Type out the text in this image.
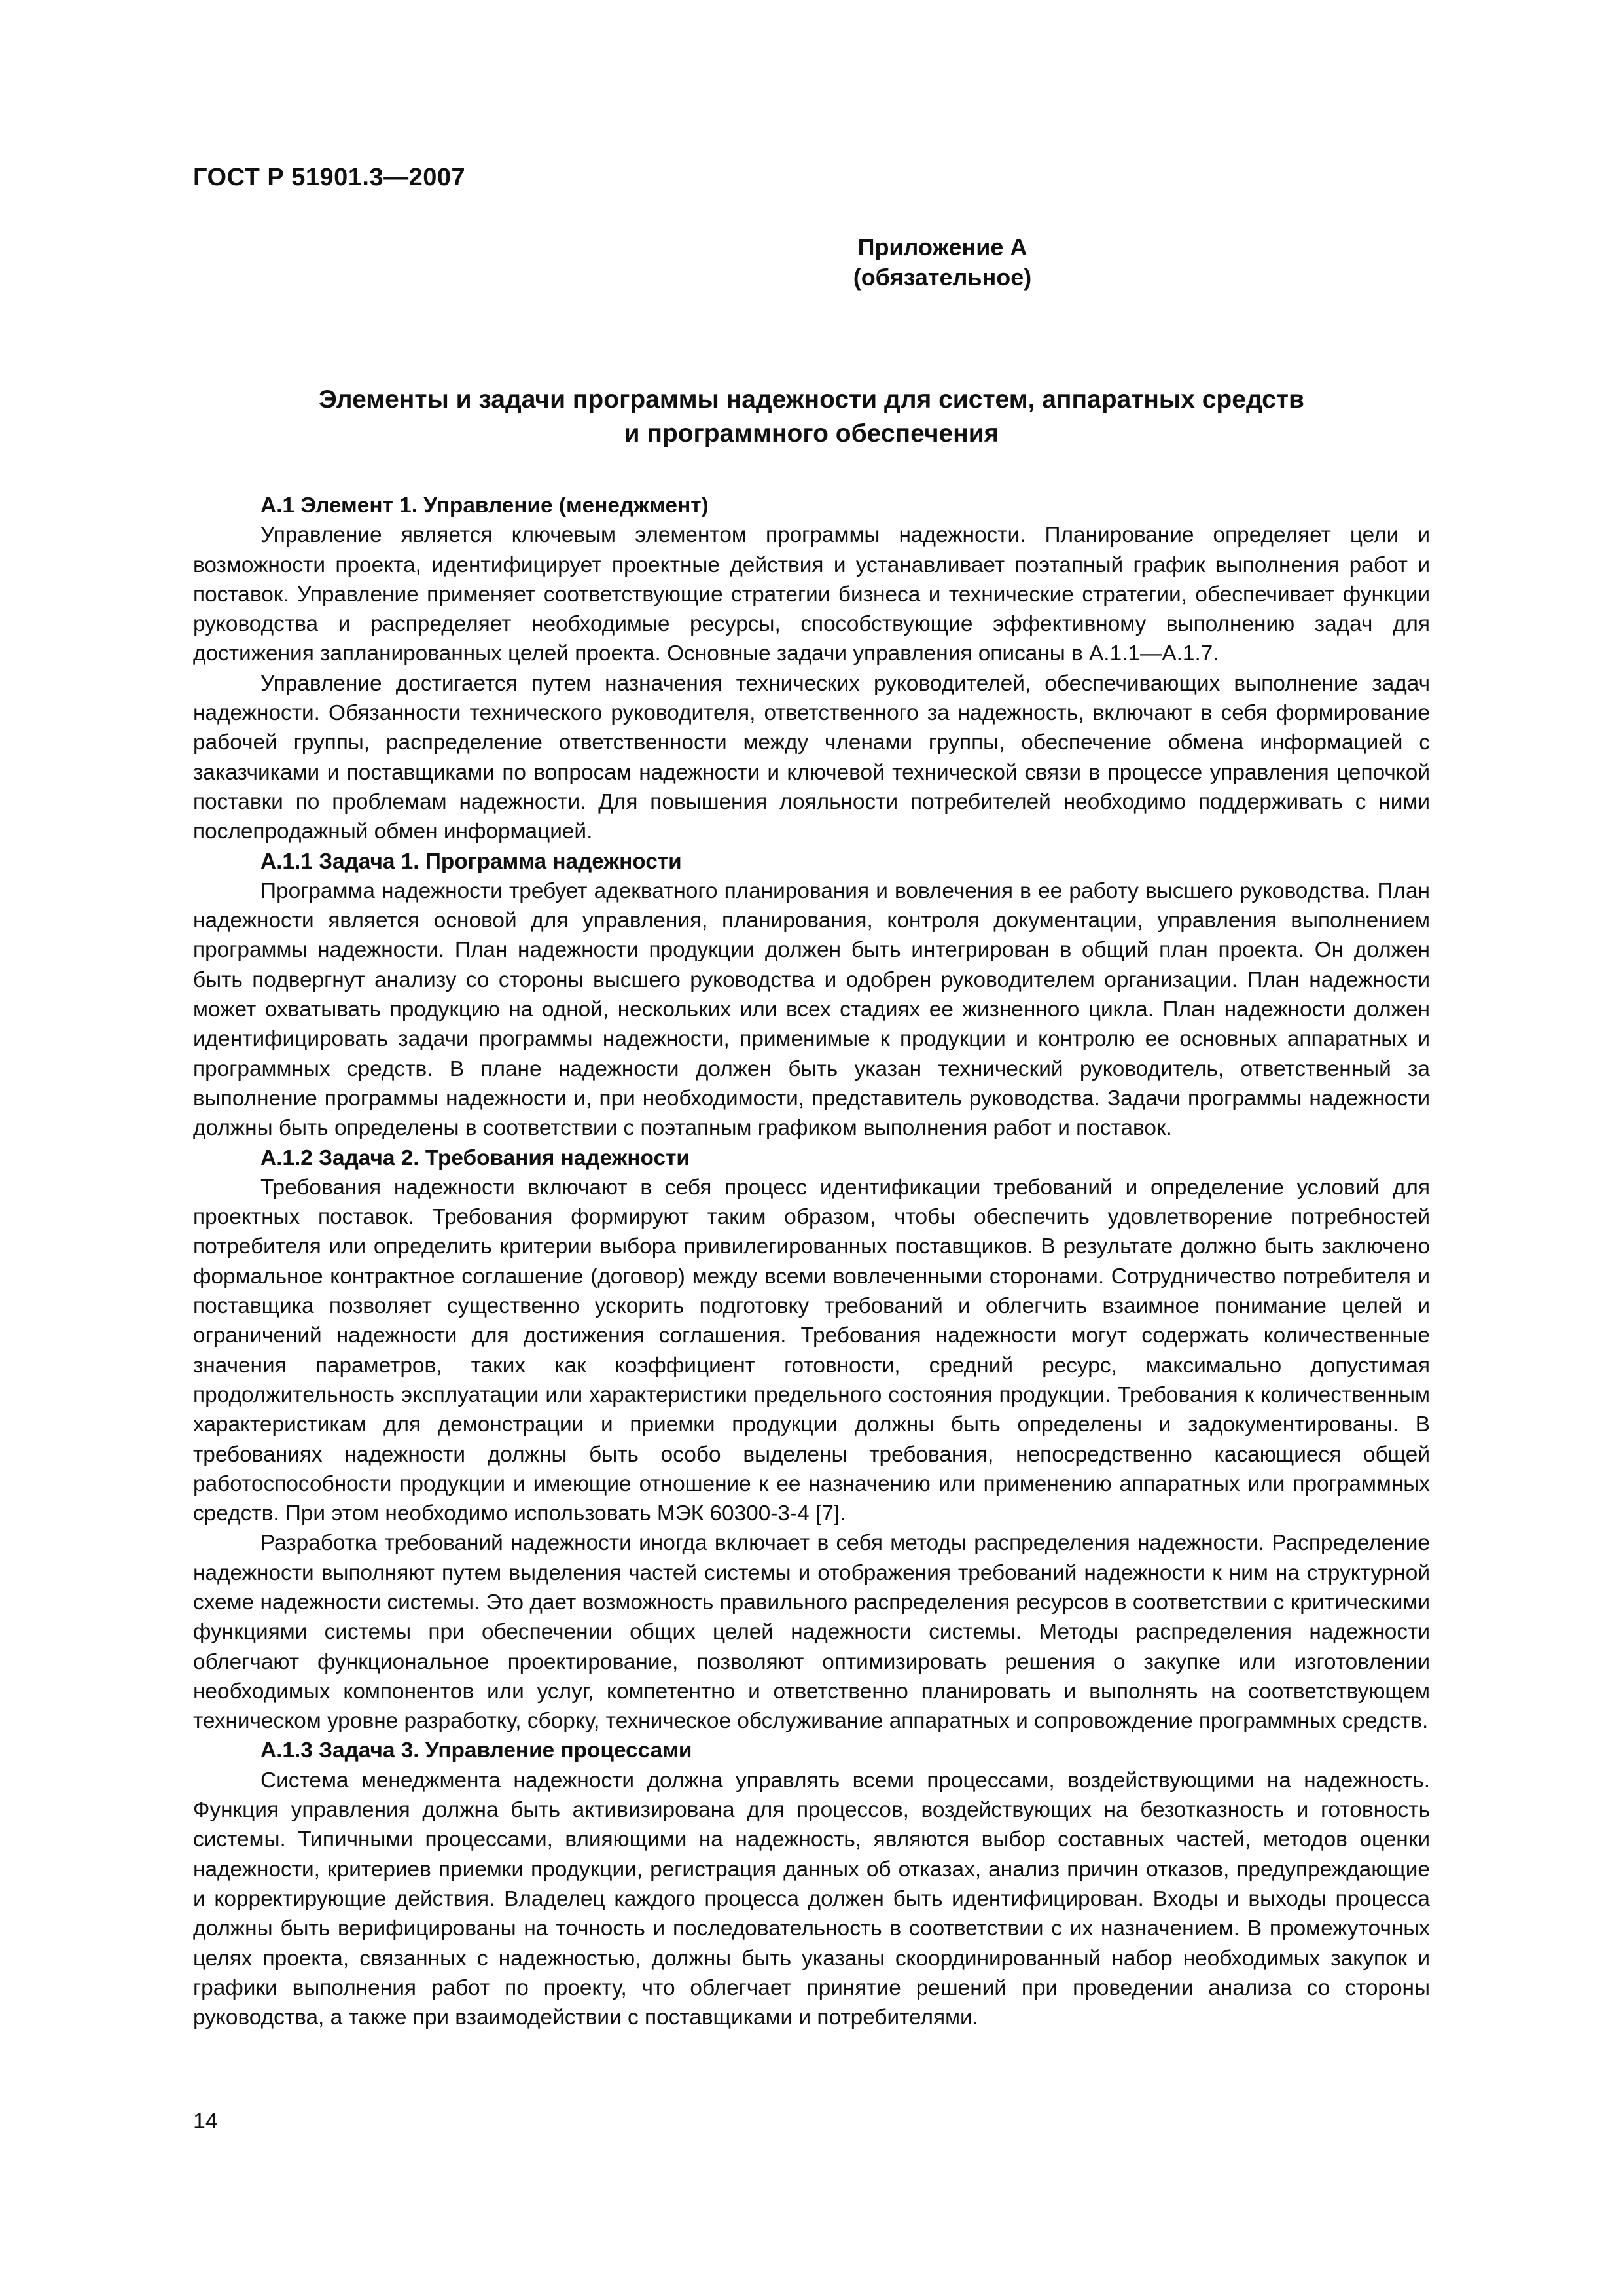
ГОСТ Р 51901.3—2007
Приложение А
(обязательное)
Элементы и задачи программы надежности для систем, аппаратных средств
и программного обеспечения
А.1 Элемент 1. Управление (менеджмент)

Управление является ключевым элементом программы надежности. Планирование определяет цели и возможности проекта, идентифицирует проектные действия и устанавливает поэтапный график выполнения работ и поставок. Управление применяет соответствующие стратегии бизнеса и технические стратегии, обеспечивает функции руководства и распределяет необходимые ресурсы, способствующие эффективному выполнению задач для достижения запланированных целей проекта. Основные задачи управления описаны в А.1.1—А.1.7.

Управление достигается путем назначения технических руководителей, обеспечивающих выполнение задач надежности. Обязанности технического руководителя, ответственного за надежность, включают в себя формирование рабочей группы, распределение ответственности между членами группы, обеспечение обмена информацией с заказчиками и поставщиками по вопросам надежности и ключевой технической связи в процессе управления цепочкой поставки по проблемам надежности. Для повышения лояльности потребителей необходимо поддерживать с ними послепродажный обмен информацией.

А.1.1 Задача 1. Программа надежности

Программа надежности требует адекватного планирования и вовлечения в ее работу высшего руководства. План надежности является основой для управления, планирования, контроля документации, управления выполнением программы надежности. План надежности продукции должен быть интегрирован в общий план проекта. Он должен быть подвергнут анализу со стороны высшего руководства и одобрен руководителем организации. План надежности может охватывать продукцию на одной, нескольких или всех стадиях ее жизненного цикла. План надежности должен идентифицировать задачи программы надежности, применимые к продукции и контролю ее основных аппаратных и программных средств. В плане надежности должен быть указан технический руководитель, ответственный за выполнение программы надежности и, при необходимости, представитель руководства. Задачи программы надежности должны быть определены в соответствии с поэтапным графиком выполнения работ и поставок.

А.1.2 Задача 2. Требования надежности

Требования надежности включают в себя процесс идентификации требований и определение условий для проектных поставок. Требования формируют таким образом, чтобы обеспечить удовлетворение потребностей потребителя или определить критерии выбора привилегированных поставщиков. В результате должно быть заключено формальное контрактное соглашение (договор) между всеми вовлеченными сторонами. Сотрудничество потребителя и поставщика позволяет существенно ускорить подготовку требований и облегчить взаимное понимание целей и ограничений надежности для достижения соглашения. Требования надежности могут содержать количественные значения параметров, таких как коэффициент готовности, средний ресурс, максимально допустимая продолжительность эксплуатации или характеристики предельного состояния продукции. Требования к количественным характеристикам для демонстрации и приемки продукции должны быть определены и задокументированы. В требованиях надежности должны быть особо выделены требования, непосредственно касающиеся общей работоспособности продукции и имеющие отношение к ее назначению или применению аппаратных или программных средств. При этом необходимо использовать МЭК 60300-3-4 [7].

Разработка требований надежности иногда включает в себя методы распределения надежности. Распределение надежности выполняют путем выделения частей системы и отображения требований надежности к ним на структурной схеме надежности системы. Это дает возможность правильного распределения ресурсов в соответствии с критическими функциями системы при обеспечении общих целей надежности системы. Методы распределения надежности облегчают функциональное проектирование, позволяют оптимизировать решения о закупке или изготовлении необходимых компонентов или услуг, компетентно и ответственно планировать и выполнять на соответствующем техническом уровне разработку, сборку, техническое обслуживание аппаратных и сопровождение программных средств.

А.1.3 Задача 3. Управление процессами

Система менеджмента надежности должна управлять всеми процессами, воздействующими на надежность. Функция управления должна быть активизирована для процессов, воздействующих на безотказность и готовность системы. Типичными процессами, влияющими на надежность, являются выбор составных частей, методов оценки надежности, критериев приемки продукции, регистрация данных об отказах, анализ причин отказов, предупреждающие и корректирующие действия. Владелец каждого процесса должен быть идентифицирован. Входы и выходы процесса должны быть верифицированы на точность и последовательность в соответствии с их назначением. В промежуточных целях проекта, связанных с надежностью, должны быть указаны скоординированный набор необходимых закупок и графики выполнения работ по проекту, что облегчает принятие решений при проведении анализа со стороны руководства, а также при взаимодействии с поставщиками и потребителями.

14
